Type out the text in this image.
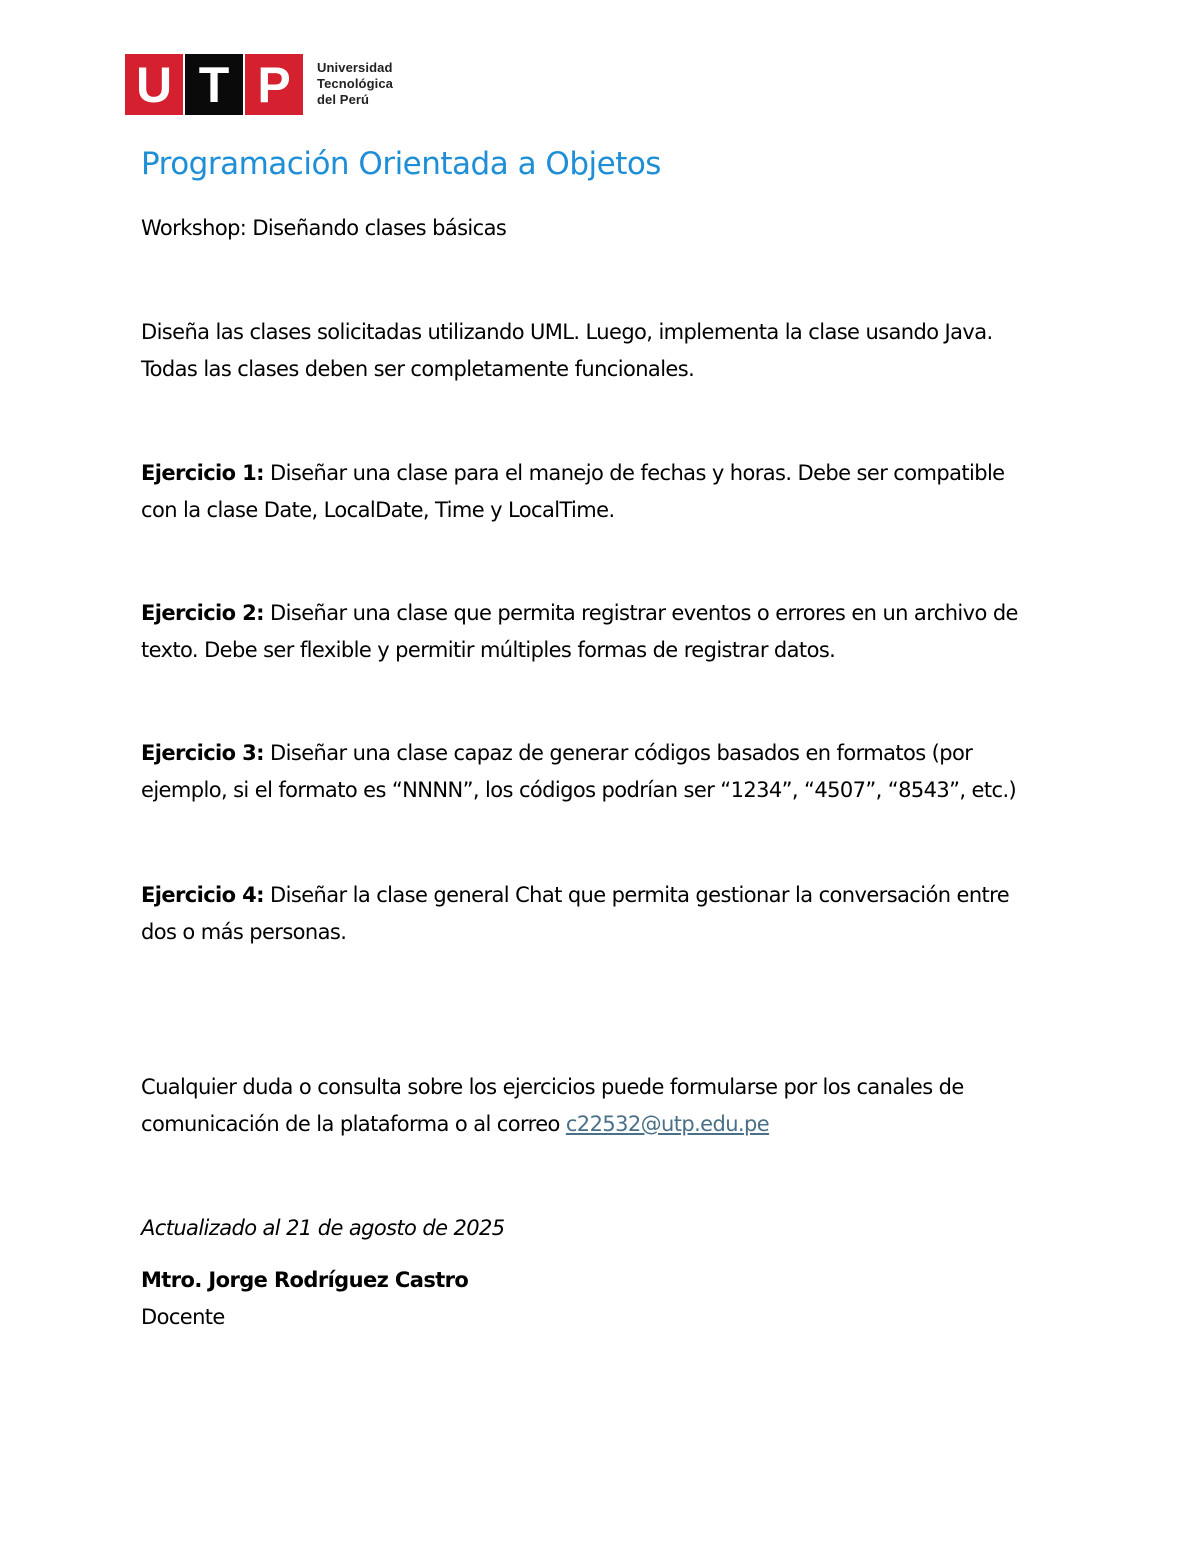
U T P	Universidad
Tecnológica
del Perú
Programación Orientada a Objetos
Workshop: Diseñando clases básicas
Diseña las clases solicitadas utilizando UML. Luego, implementa la clase usando Java.
Todas las clases deben ser completamente funcionales.
Ejercicio 1: Diseñar una clase para el manejo de fechas y horas. Debe ser compatible
con la clase Date, LocalDate, Time y LocalTime.
Ejercicio 2: Diseñar una clase que permita registrar eventos o errores en un archivo de
texto. Debe ser flexible y permitir múltiples formas de registrar datos.
Ejercicio 3: Diseñar una clase capaz de generar códigos basados en formatos (por
ejemplo, si el formato es “NNNN”, los códigos podrían ser “1234”, “4507”, “8543”, etc.)
Ejercicio 4: Diseñar la clase general Chat que permita gestionar la conversación entre
dos o más personas.
Cualquier duda o consulta sobre los ejercicios puede formularse por los canales de
comunicación de la plataforma o al correo c22532@utp.edu.pe
Actualizado al 21 de agosto de 2025
Mtro. Jorge Rodríguez Castro
Docente
